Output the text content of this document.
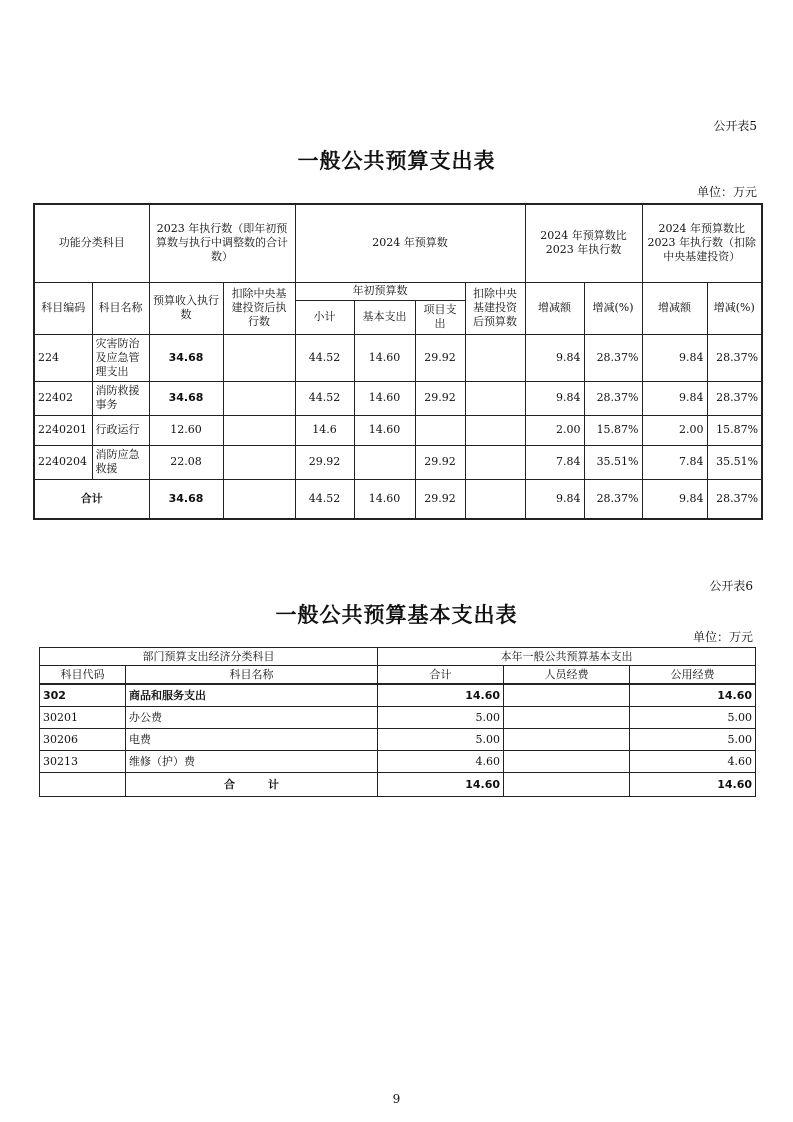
公开表5
一般公共预算支出表
单位：万元
功能分类科目		2023 年执行数（即年初预算数与执行中调整数的合计数）		2024 年预算数				2024 年预算数比 2023 年执行数		2024 年预算数比 2023 年执行数（扣除中央基建投资）	
科目编码	科目名称	预算收入执行数	扣除中央基建投资后执行数	年初预算数			扣除中央基建投资后预算数	增减额	增减(%)	增减额	增减(%)
				小计	基本支出	项目支出					
224	灾害防治及应急管理支出	34.68		44.52	14.60	29.92		9.84	28.37%	9.84	28.37%
22402	消防救援事务	34.68		44.52	14.60	29.92		9.84	28.37%	9.84	28.37%
2240201	行政运行	12.60		14.6	14.60			2.00	15.87%	2.00	15.87%
2240204	消防应急救援	22.08		29.92		29.92		7.84	35.51%	7.84	35.51%
合计		34.68		44.52	14.60	29.92		9.84	28.37%	9.84	28.37%
公开表6
一般公共预算基本支出表
单位：万元
部门预算支出经济分类科目		本年一般公共预算基本支出		
科目代码	科目名称	合计	人员经费	公用经费
302	商品和服务支出	14.60		14.60
30201	办公费	5.00		5.00
30206	电费	5.00		5.00
30213	维修（护）费	4.60		4.60
	合　　　计	14.60		14.60
9
